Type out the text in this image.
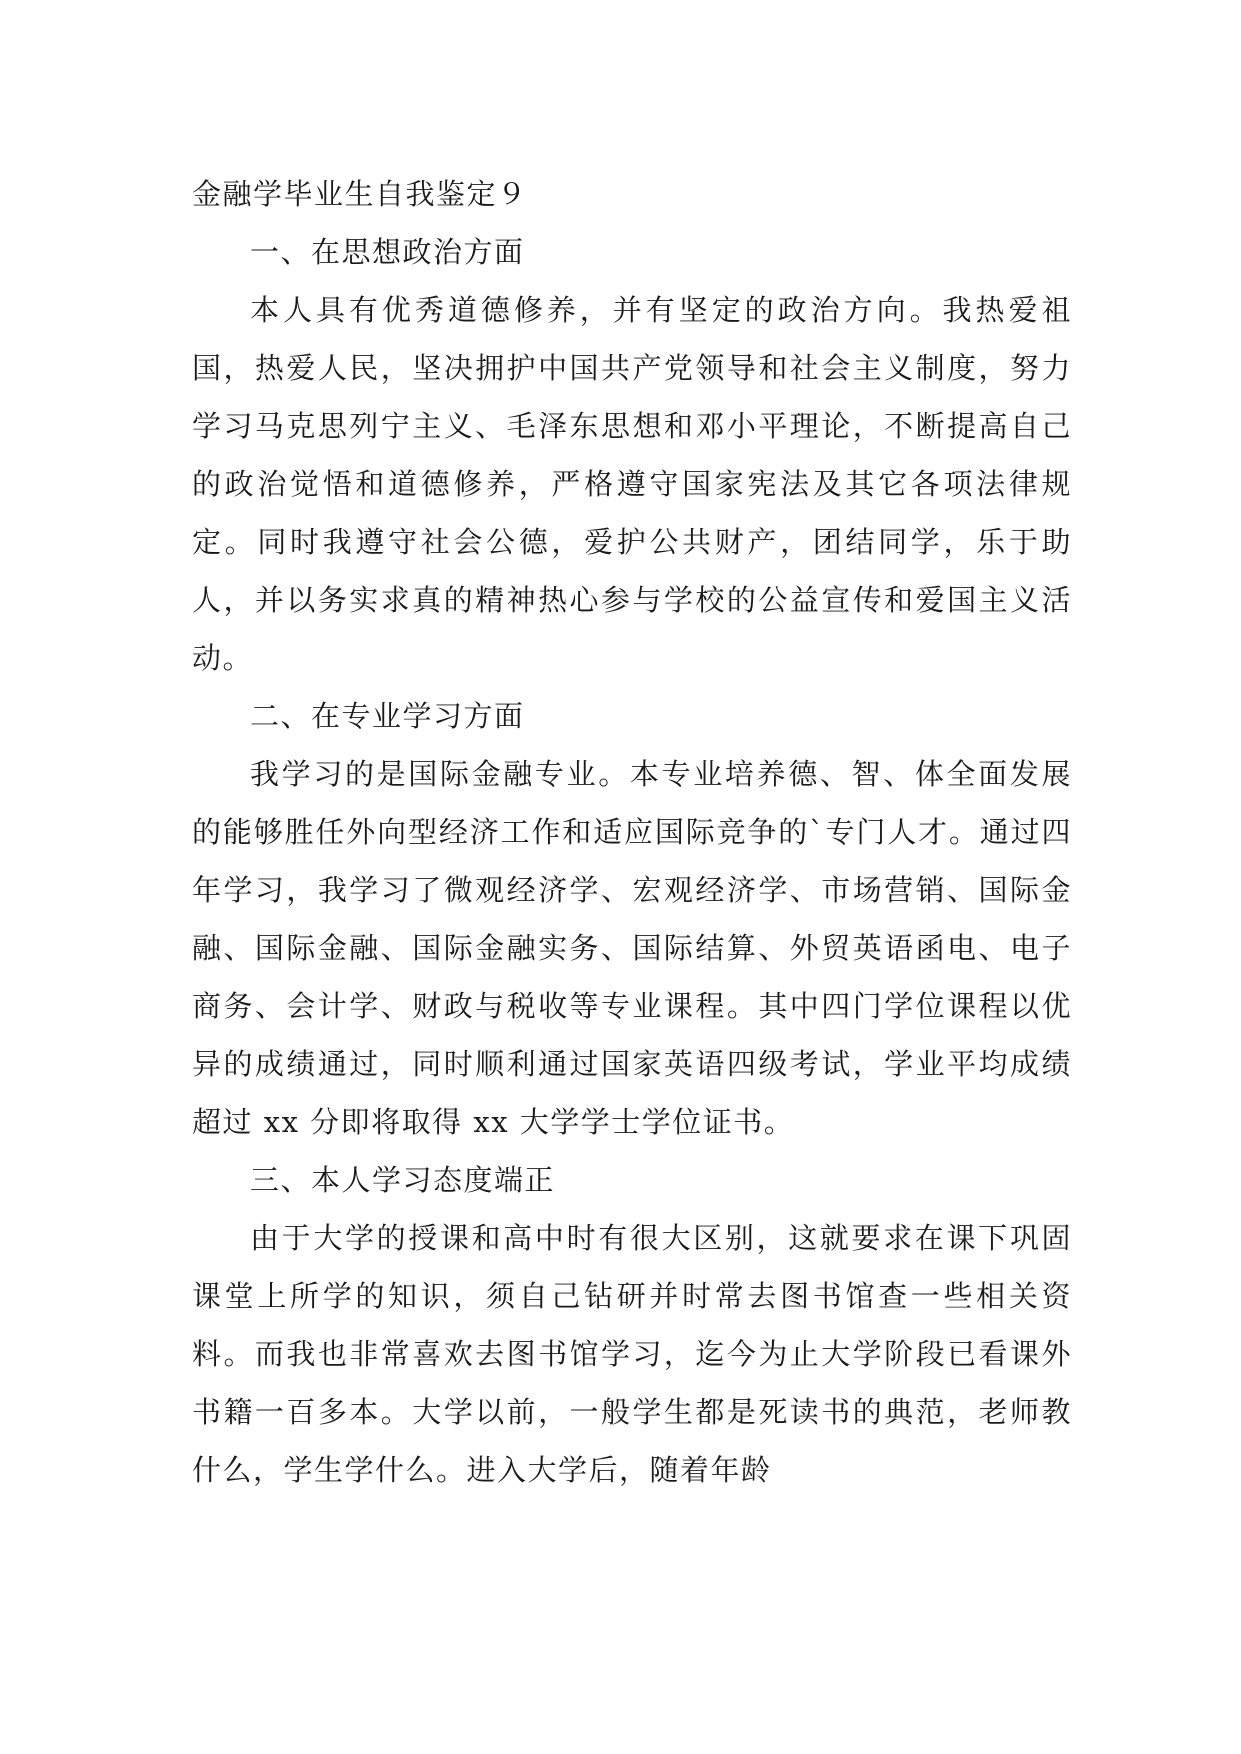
金融学毕业生自我鉴定９
一、在思想政治方面

本人具有优秀道德修养，并有坚定的政治方向。我热爱祖国，热爱人民，坚决拥护中国共产党领导和社会主义制度，努力学习马克思列宁主义、毛泽东思想和邓小平理论，不断提高自己的政治觉悟和道德修养，严格遵守国家宪法及其它各项法律规定。同时我遵守社会公德，爱护公共财产，团结同学，乐于助人，并以务实求真的精神热心参与学校的公益宣传和爱国主义活动。

二、在专业学习方面

我学习的是国际金融专业。本专业培养德、智、体全面发展的能够胜任外向型经济工作和适应国际竞争的`专门人才。通过四年学习，我学习了微观经济学、宏观经济学、市场营销、国际金融、国际金融、国际金融实务、国际结算、外贸英语函电、电子商务、会计学、财政与税收等专业课程。其中四门学位课程以优异的成绩通过，同时顺利通过国家英语四级考试，学业平均成绩超过 xx 分即将取得 xx 大学学士学位证书。

三、本人学习态度端正

由于大学的授课和高中时有很大区别，这就要求在课下巩固课堂上所学的知识，须自己钻研并时常去图书馆查一些相关资料。而我也非常喜欢去图书馆学习，迄今为止大学阶段已看课外书籍一百多本。大学以前，一般学生都是死读书的典范，老师教什么，学生学什么。进入大学后，随着年龄
